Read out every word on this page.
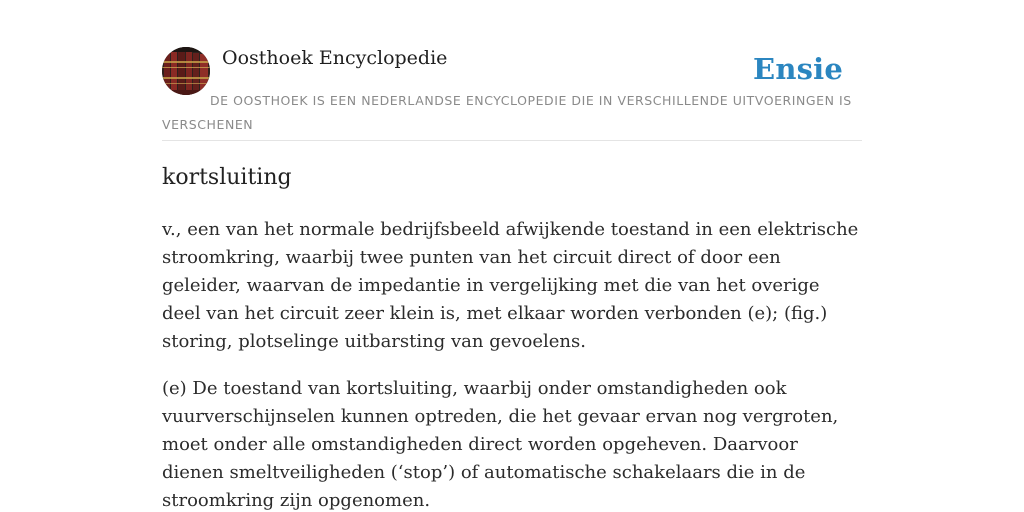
Oosthoek Encyclopedie	Ensie
DE OOSTHOEK IS EEN NEDERLANDSE ENCYCLOPEDIE DIE IN VERSCHILLENDE UITVOERINGEN IS VERSCHENEN
kortsluiting

v., een van het normale bedrijfsbeeld afwijkende toestand in een elektrische stroomkring, waarbij twee punten van het circuit direct of door een geleider, waarvan de impedantie in vergelijking met die van het overige deel van het circuit zeer klein is, met elkaar worden verbonden (e); (fig.) storing, plotselinge uitbarsting van gevoelens.

(e) De toestand van kortsluiting, waarbij onder omstandigheden ook vuurverschijnselen kunnen optreden, die het gevaar ervan nog vergroten, moet onder alle omstandigheden direct worden opgeheven. Daarvoor dienen smeltveiligheden (‘stop’) of automatische schakelaars die in de stroomkring zijn opgenomen.
